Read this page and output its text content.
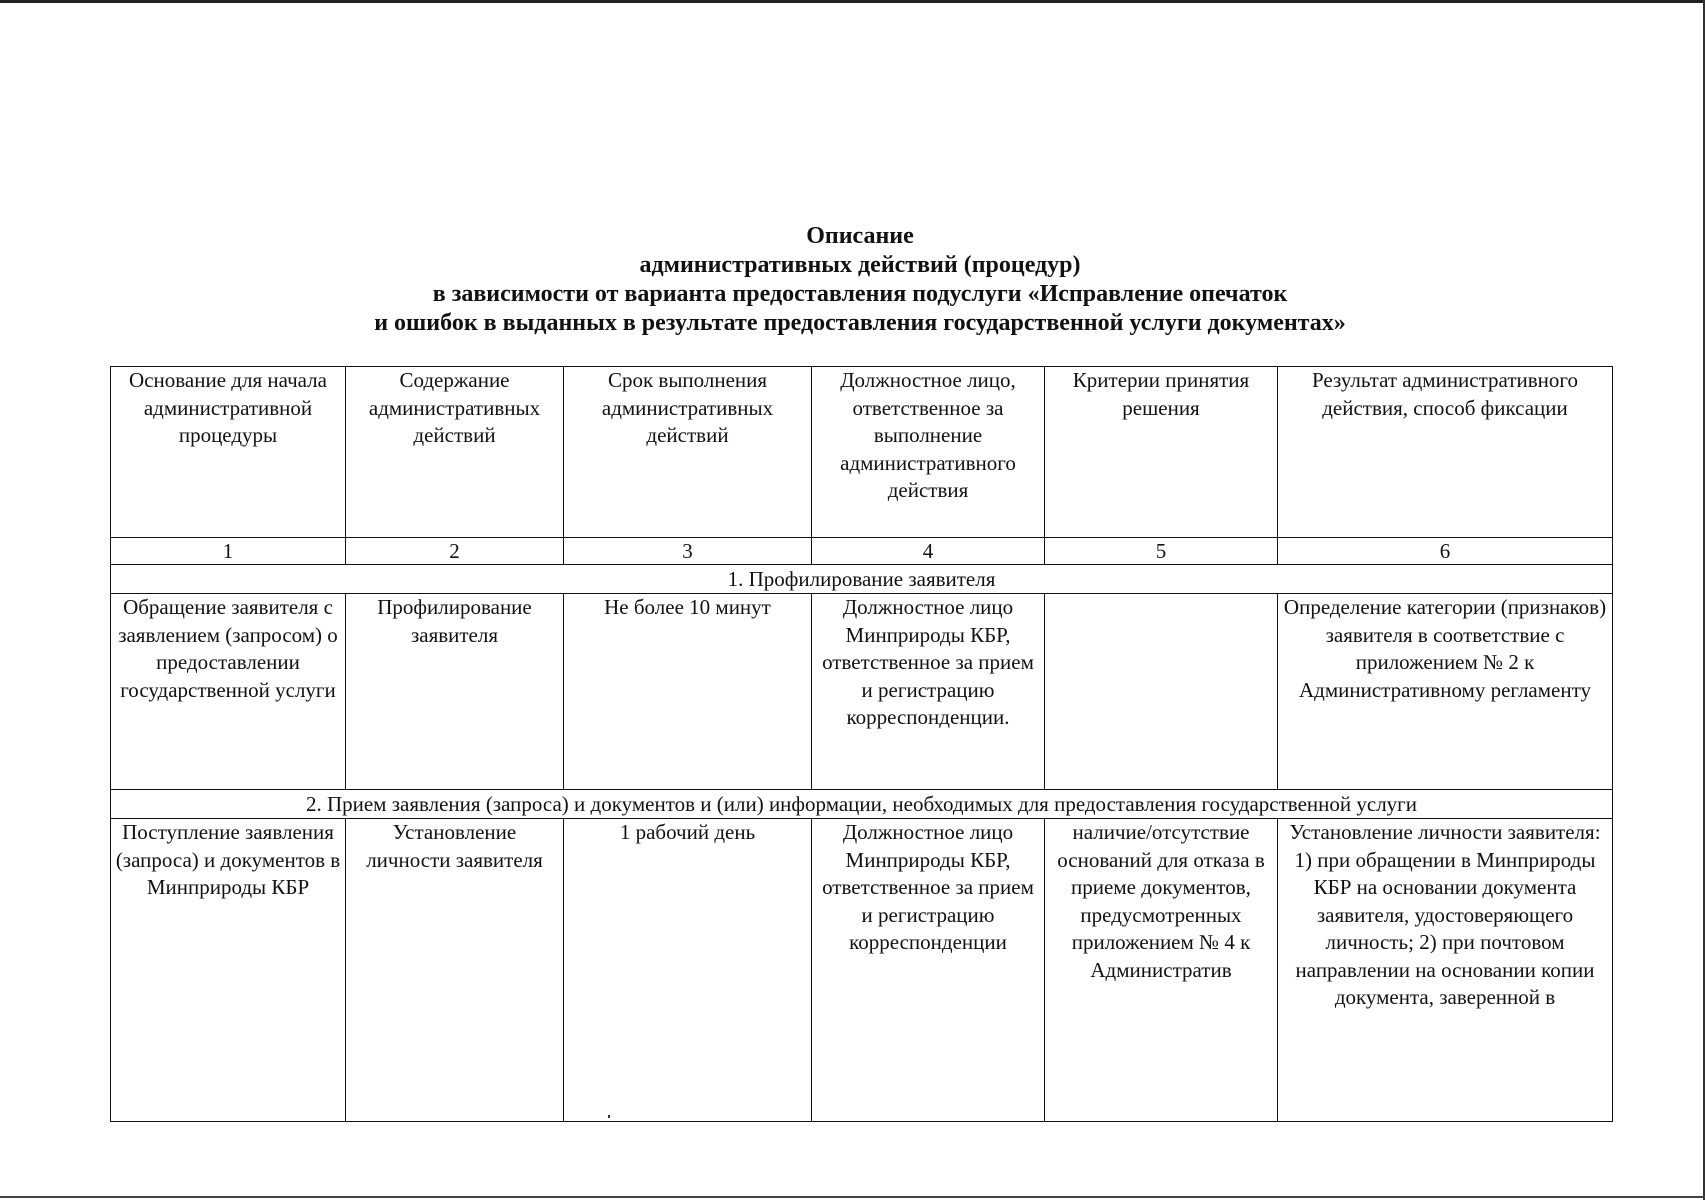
Описание
административных действий (процедур)
в зависимости от варианта предоставления подуслуги «Исправление опечаток
и ошибок в выданных в результате предоставления государственной услуги документах»
Основание для начала административной процедуры	Содержание административных действий	Срок выполнения административных действий	Должностное лицо, ответственное за выполнение административного действия	Критерии принятия решения	Результат административного действия, способ фиксации
1	2	3	4	5	6
1. Профилирование заявителя					
Обращение заявителя с заявлением (запросом) о предоставлении государственной услуги	Профилирование заявителя	Не более 10 минут	Должностное лицо Минприроды КБР, ответственное за прием и регистрацию корреспонденции.		Определение категории (признаков) заявителя в соответствие с приложением № 2 к Административному регламенту
2. Прием заявления (запроса) и документов и (или) информации, необходимых для предоставления государственной услуги					
Поступление заявления (запроса) и документов в Минприроды КБР	Установление личности заявителя	1 рабочий день	Должностное лицо Минприроды КБР, ответственное за прием и регистрацию корреспонденции	наличие/отсутствие оснований для отказа в приеме документов, предусмотренных приложением № 4 к Административ	Установление личности заявителя: 1) при обращении в Минприроды КБР на основании документа заявителя, удостоверяющего личность; 2) при почтовом направлении на основании копии документа, заверенной в
